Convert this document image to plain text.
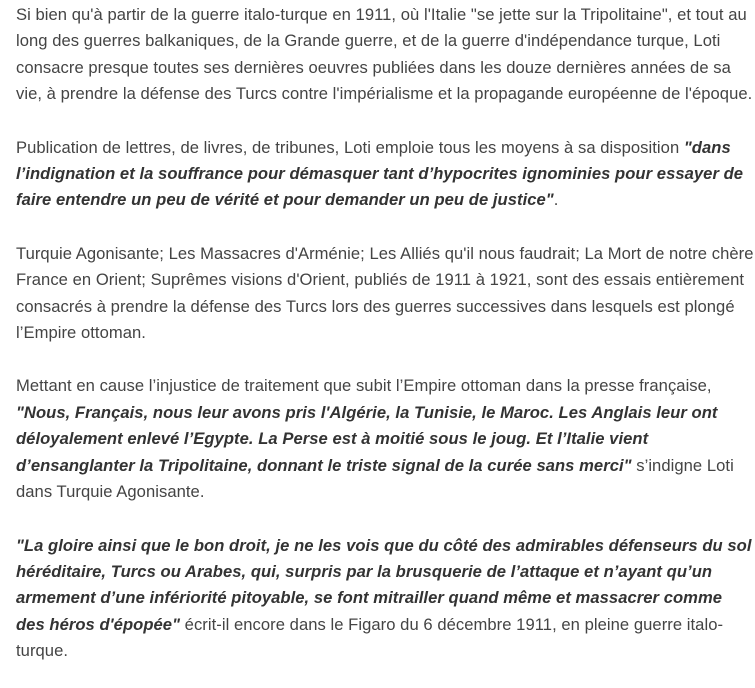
Si bien qu'à partir de la guerre italo-turque en 1911, où l'Italie "se jette sur la Tripolitaine", et tout au long des guerres balkaniques, de la Grande guerre, et de la guerre d'indépendance turque, Loti consacre presque toutes ses dernières oeuvres publiées dans les douze dernières années de sa vie, à prendre la défense des Turcs contre l'impérialisme et la propagande européenne de l'époque.

Publication de lettres, de livres, de tribunes, Loti emploie tous les moyens à sa disposition "dans l’indignation et la souffrance pour démasquer tant d’hypocrites ignominies pour essayer de faire entendre un peu de vérité et pour demander un peu de justice".

Turquie Agonisante; Les Massacres d'Arménie; Les Alliés qu'il nous faudrait; La Mort de notre chère France en Orient; Suprêmes visions d'Orient, publiés de 1911 à 1921, sont des essais entièrement consacrés à prendre la défense des Turcs lors des guerres successives dans lesquels est plongé l’Empire ottoman.

Mettant en cause l’injustice de traitement que subit l’Empire ottoman dans la presse française, "Nous, Français, nous leur avons pris l'Algérie, la Tunisie, le Maroc. Les Anglais leur ont déloyalement enlevé l’Egypte. La Perse est à moitié sous le joug. Et l’Italie vient d’ensanglanter la Tripolitaine, donnant le triste signal de la curée sans merci" s’indigne Loti dans Turquie Agonisante.

"La gloire ainsi que le bon droit, je ne les vois que du côté des admirables défenseurs du sol héréditaire, Turcs ou Arabes, qui, surpris par la brusquerie de l’attaque et n’ayant qu’un armement d’une infériorité pitoyable, se font mitrailler quand même et massacrer comme des héros d'épopée" écrit-il encore dans le Figaro du 6 décembre 1911, en pleine guerre italo-turque.
